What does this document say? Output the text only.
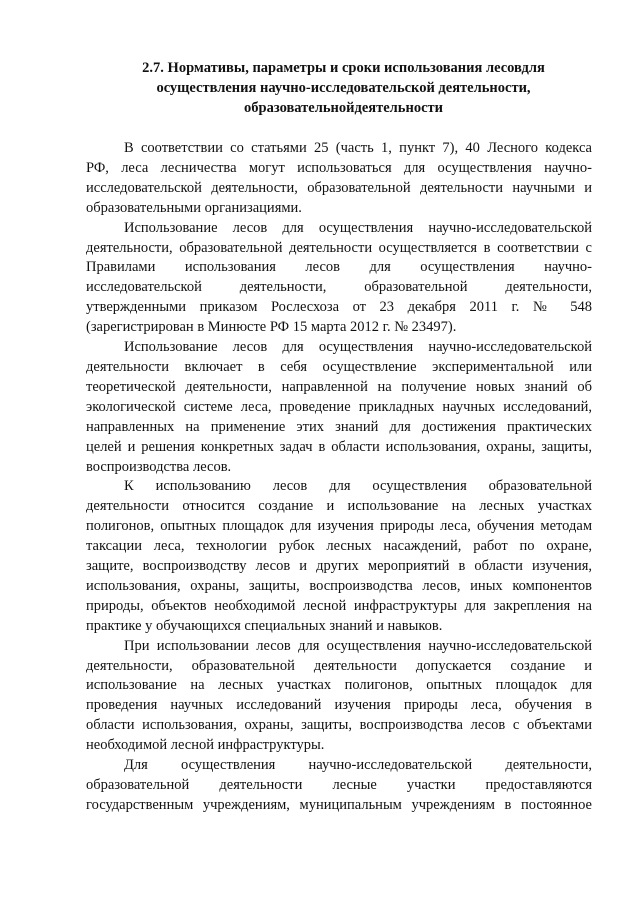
2.7. Нормативы, параметры и сроки использования лесовдля
осуществления научно-исследовательской деятельности,
образовательнойдеятельности

В соответствии со статьями 25 (часть 1, пункт 7), 40 Лесного кодекса
РФ, леса лесничества могут использоваться для осуществления научно-
исследовательской деятельности, образовательной деятельности научными и
образовательными организациями.

Использование лесов для осуществления научно-исследовательской
деятельности, образовательной деятельности осуществляется в соответствии с
Правилами использования лесов для осуществления научно-
исследовательской деятельности, образовательной деятельности,
утвержденными приказом Рослесхоза от 23 декабря 2011 г. № 548
(зарегистрирован в Минюсте РФ 15 марта 2012 г. № 23497).

Использование лесов для осуществления научно-исследовательской
деятельности включает в себя осуществление экспериментальной или
теоретической деятельности, направленной на получение новых знаний об
экологической системе леса, проведение прикладных научных исследований,
направленных на применение этих знаний для достижения практических
целей и решения конкретных задач в области использования, охраны, защиты,
воспроизводства лесов.

К использованию лесов для осуществления образовательной
деятельности относится создание и использование на лесных участках
полигонов, опытных площадок для изучения природы леса, обучения методам
таксации леса, технологии рубок лесных насаждений, работ по охране,
защите, воспроизводству лесов и других мероприятий в области изучения,
использования, охраны, защиты, воспроизводства лесов, иных компонентов
природы, объектов необходимой лесной инфраструктуры для закрепления на
практике у обучающихся специальных знаний и навыков.

При использовании лесов для осуществления научно-исследовательской
деятельности, образовательной деятельности допускается создание и
использование на лесных участках полигонов, опытных площадок для
проведения научных исследований изучения природы леса, обучения в
области использования, охраны, защиты, воспроизводства лесов с объектами
необходимой лесной инфраструктуры.

Для осуществления научно-исследовательской деятельности,
образовательной деятельности лесные участки предоставляются
государственным учреждениям, муниципальным учреждениям в постоянное
